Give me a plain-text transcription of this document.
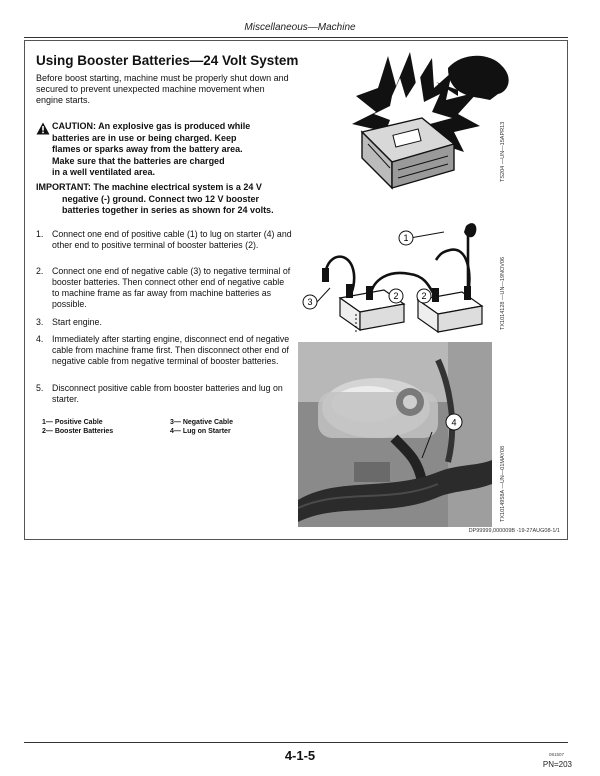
Miscellaneous—Machine
Using Booster Batteries—24 Volt System
Before boost starting, machine must be properly shut down and secured to prevent unexpected machine movement when engine starts.
CAUTION: An explosive gas is produced while
batteries are in use or being charged. Keep
flames or sparks away from the battery area.
Make sure that the batteries are charged
in a well ventilated area.
IMPORTANT: The machine electrical system is a 24 V
negative (-) ground. Connect two 12 V booster
batteries together in series as shown for 24 volts.
1. Connect one end of positive cable (1) to lug on starter (4) and other end to positive terminal of booster batteries (2).
2. Connect one end of negative cable (3) to negative terminal of booster batteries. Then connect other end of negative cable to machine frame as far away from machine batteries as possible.
3. Start engine.
4. Immediately after starting engine, disconnect end of negative cable from machine frame first. Then disconnect other end of negative cable from negative terminal of booster batteries.
5. Disconnect positive cable from booster batteries and lug on starter.
1— Positive Cable
2— Booster Batteries
3— Negative Cable
4— Lug on Starter
1
3
2	2
4
TS204 —UN—15APR13
TX1014128 —UN—19NOV06
TX1014958A —UN—01MAY08
DP99999,000009B -19-27AUG08-1/1
4-1-5	081507
PN=203
